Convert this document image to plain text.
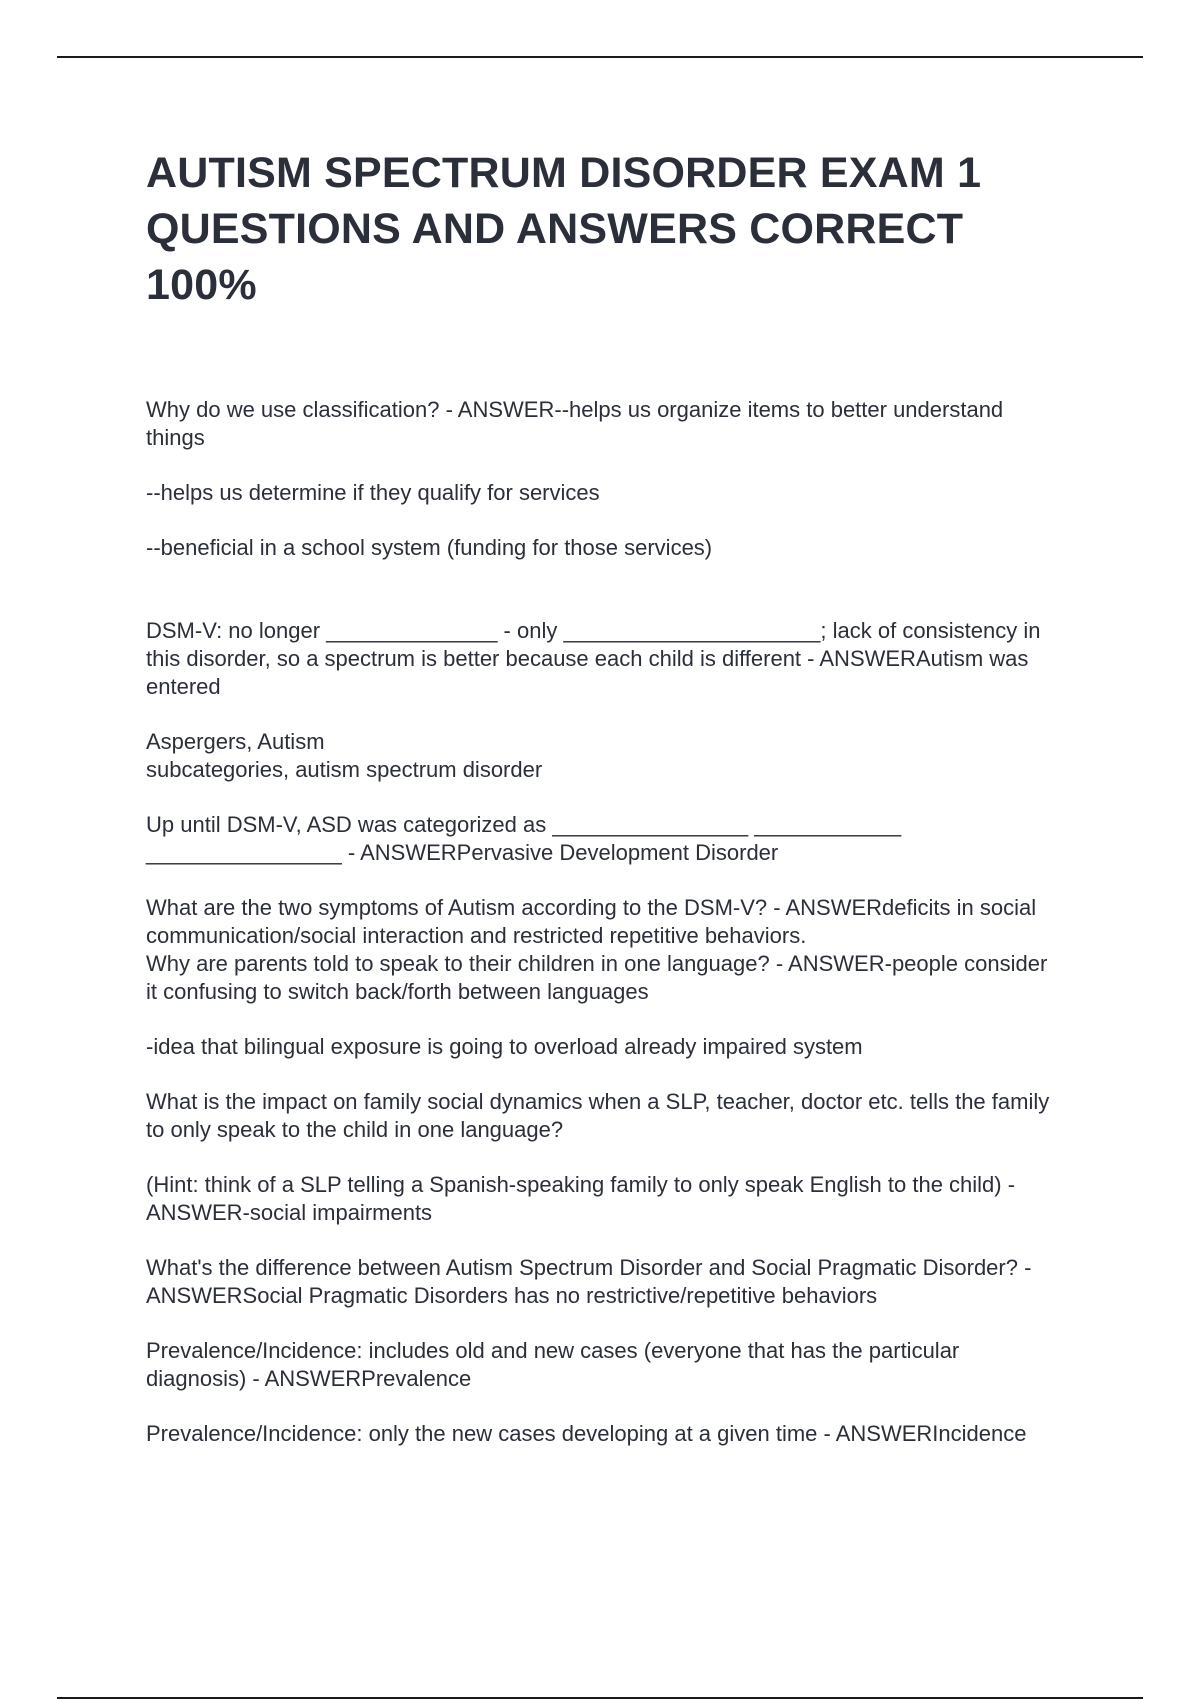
AUTISM SPECTRUM DISORDER EXAM 1 QUESTIONS AND ANSWERS CORRECT 100%

Why do we use classification? - ANSWER--helps us organize items to better understand things

--helps us determine if they qualify for services

--beneficial in a school system (funding for those services)

DSM-V: no longer ______________ - only _____________________; lack of consistency in this disorder, so a spectrum is better because each child is different - ANSWERAutism was entered

Aspergers, Autism

subcategories, autism spectrum disorder

Up until DSM-V, ASD was categorized as ________________ ____________ ________________ - ANSWERPervasive Development Disorder

What are the two symptoms of Autism according to the DSM-V? - ANSWERdeficits in social communication/social interaction and restricted repetitive behaviors.

Why are parents told to speak to their children in one language? - ANSWER-people consider it confusing to switch back/forth between languages

-idea that bilingual exposure is going to overload already impaired system

What is the impact on family social dynamics when a SLP, teacher, doctor etc. tells the family to only speak to the child in one language?

(Hint: think of a SLP telling a Spanish-speaking family to only speak English to the child) - ANSWER-social impairments

What's the difference between Autism Spectrum Disorder and Social Pragmatic Disorder? - ANSWERSocial Pragmatic Disorders has no restrictive/repetitive behaviors

Prevalence/Incidence: includes old and new cases (everyone that has the particular diagnosis) - ANSWERPrevalence

Prevalence/Incidence: only the new cases developing at a given time - ANSWERIncidence
